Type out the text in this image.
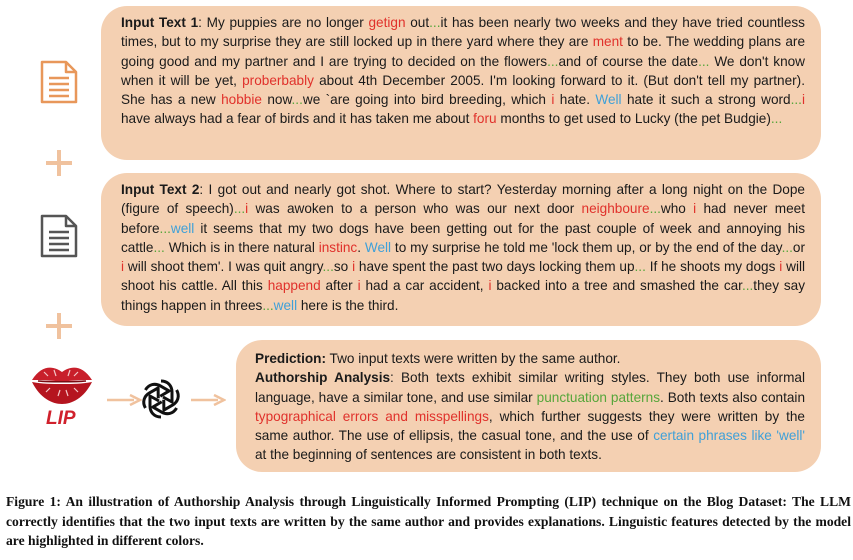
LIP
Input Text 1: My puppies are no longer getign out...it has been nearly two weeks and they have tried countless times, but to my surprise they are still locked up in there yard where they are ment to be. The wedding plans are going good and my partner and I are trying to decided on the flowers...and of course the date... We don't know when it will be yet, proberbably about 4th December 2005. I'm looking forward to it. (But don't tell my partner). She has a new hobbie now...we `are going into bird breeding, which i hate. Well hate it such a strong word...i have always had a fear of birds and it has taken me about foru months to get used to Lucky (the pet Budgie)...
Input Text 2: I got out and nearly got shot. Where to start? Yesterday morning after a long night on the Dope (figure of speech)...i was awoken to a person who was our next door neighboure...who i had never meet before...well it seems that my two dogs have been getting out for the past couple of week and annoying his cattle... Which is in there natural instinc. Well to my surprise he told me 'lock them up, or by the end of the day...or i will shoot them'. I was quit angry...so i have spent the past two days locking them up... If he shoots my dogs i will shoot his cattle. All this happend after i had a car accident, i backed into a tree and smashed the car...they say things happen in threes...well here is the third.
Prediction: Two input texts were written by the same author.
Authorship Analysis: Both texts exhibit similar writing styles. They both use informal language, have a similar tone, and use similar punctuation patterns. Both texts also contain typographical errors and misspellings, which further suggests they were written by the same author. The use of ellipsis, the casual tone, and the use of certain phrases like 'well' at the beginning of sentences are consistent in both texts.
Figure 1: An illustration of Authorship Analysis through Linguistically Informed Prompting (LIP) technique on the Blog Dataset: The LLM correctly identifies that the two input texts are written by the same author and provides explanations. Linguistic features detected by the model are highlighted in different colors.
